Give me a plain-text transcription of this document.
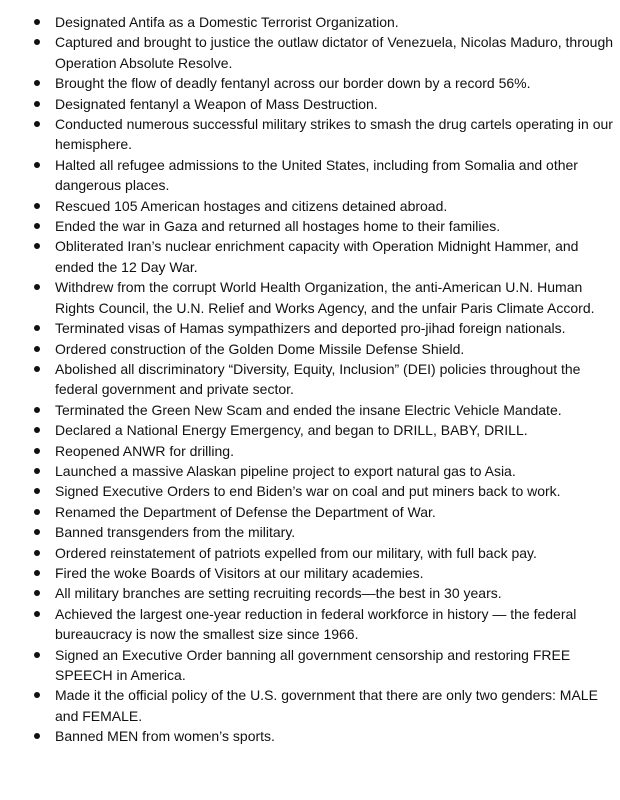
Designated Antifa as a Domestic Terrorist Organization.
Captured and brought to justice the outlaw dictator of Venezuela, Nicolas Maduro, through Operation Absolute Resolve.
Brought the flow of deadly fentanyl across our border down by a record 56%.
Designated fentanyl a Weapon of Mass Destruction.
Conducted numerous successful military strikes to smash the drug cartels operating in our hemisphere.
Halted all refugee admissions to the United States, including from Somalia and other dangerous places.
Rescued 105 American hostages and citizens detained abroad.
Ended the war in Gaza and returned all hostages home to their families.
Obliterated Iran’s nuclear enrichment capacity with Operation Midnight Hammer, and ended the 12 Day War.
Withdrew from the corrupt World Health Organization, the anti-American U.N. Human Rights Council, the U.N. Relief and Works Agency, and the unfair Paris Climate Accord.
Terminated visas of Hamas sympathizers and deported pro-jihad foreign nationals.
Ordered construction of the Golden Dome Missile Defense Shield.
Abolished all discriminatory “Diversity, Equity, Inclusion” (DEI) policies throughout the federal government and private sector.
Terminated the Green New Scam and ended the insane Electric Vehicle Mandate.
Declared a National Energy Emergency, and began to DRILL, BABY, DRILL.
Reopened ANWR for drilling.
Launched a massive Alaskan pipeline project to export natural gas to Asia.
Signed Executive Orders to end Biden’s war on coal and put miners back to work.
Renamed the Department of Defense the Department of War.
Banned transgenders from the military.
Ordered reinstatement of patriots expelled from our military, with full back pay.
Fired the woke Boards of Visitors at our military academies.
All military branches are setting recruiting records—the best in 30 years.
Achieved the largest one-year reduction in federal workforce in history — the federal bureaucracy is now the smallest size since 1966.
Signed an Executive Order banning all government censorship and restoring FREE SPEECH in America.
Made it the official policy of the U.S. government that there are only two genders: MALE and FEMALE.
Banned MEN from women’s sports.
